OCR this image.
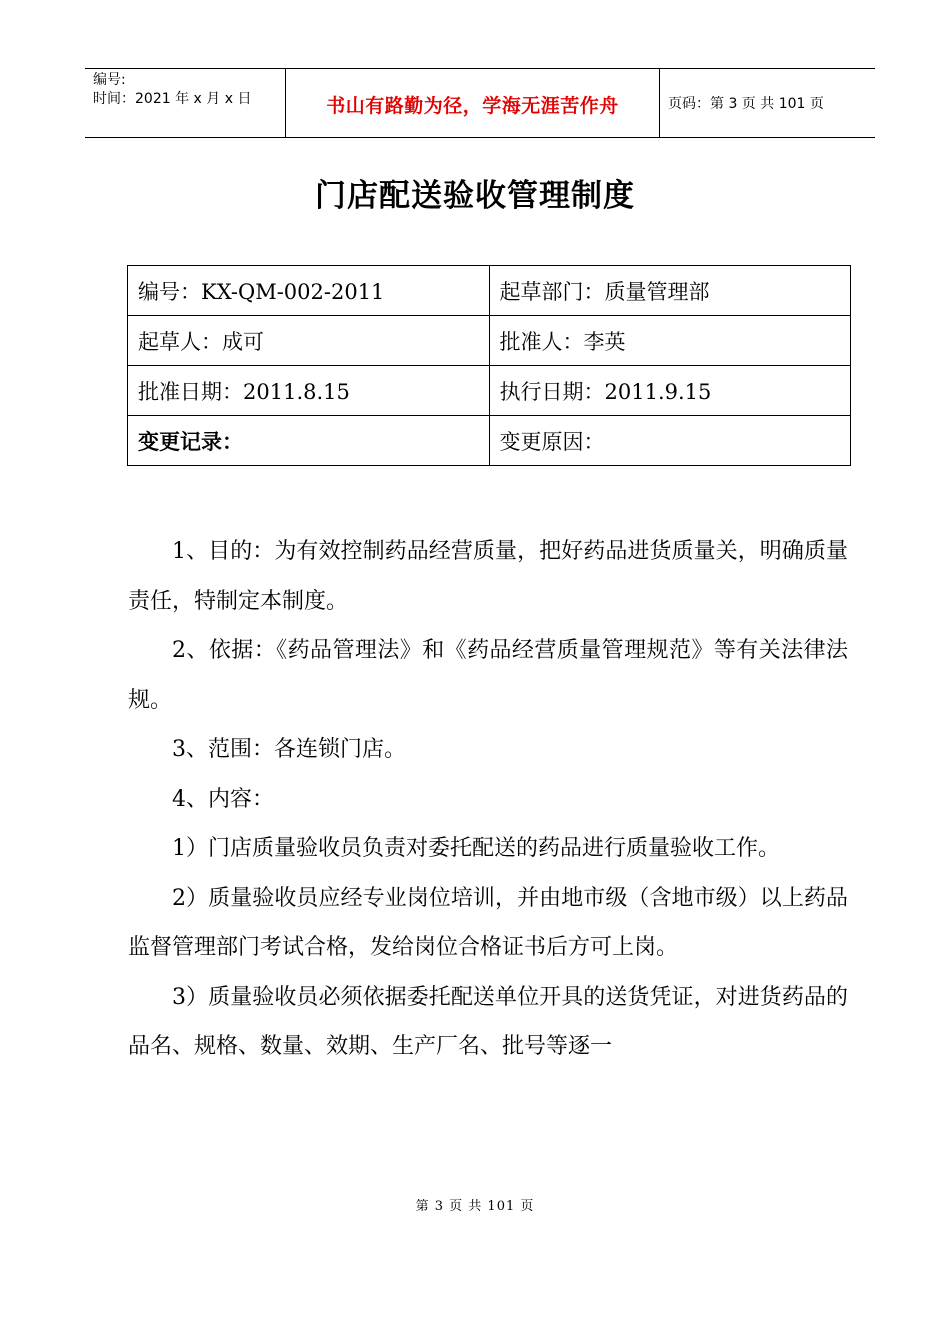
编号:
时间：2021 年 x 月 x 日	书山有路勤为径，学海无涯苦作舟	页码：第 3 页 共 101 页
门店配送验收管理制度
编号：KX-QM-002-2011	起草部门：质量管理部
起草人：成可	批准人：李英
批准日期：2011.8.15	执行日期：2011.9.15
变更记录：	变更原因：

1、目的：为有效控制药品经营质量，把好药品进货质量关，明确质量责任，特制定本制度。

2、依据：《药品管理法》和《药品经营质量管理规范》等有关法律法规。

3、范围：各连锁门店。

4、内容：

1）门店质量验收员负责对委托配送的药品进行质量验收工作。

2）质量验收员应经专业岗位培训，并由地市级（含地市级）以上药品监督管理部门考试合格，发给岗位合格证书后方可上岗。

3）质量验收员必须依据委托配送单位开具的送货凭证，对进货药品的品名、规格、数量、效期、生产厂名、批号等逐一

第 3 页 共 101 页
